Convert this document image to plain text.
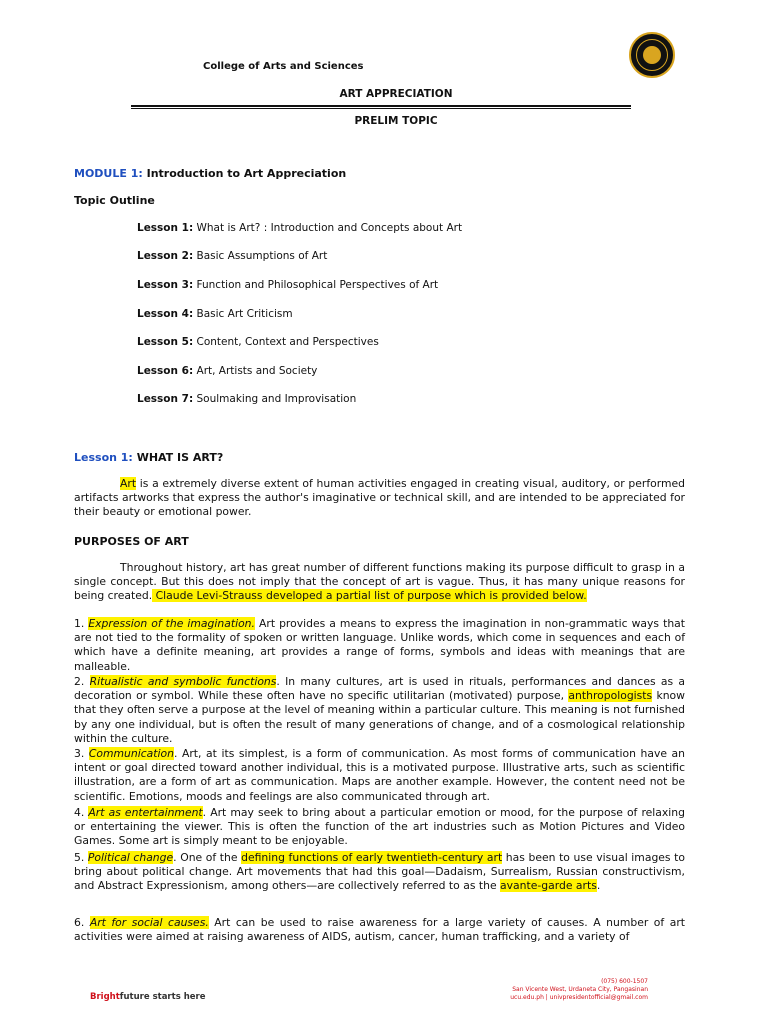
College of Arts and Sciences
ART APPRECIATION
PRELIM TOPIC
MODULE 1: Introduction to Art Appreciation
Topic Outline
Lesson 1: What is Art? : Introduction and Concepts about Art
Lesson 2: Basic Assumptions of Art
Lesson 3: Function and Philosophical Perspectives of Art
Lesson 4: Basic Art Criticism
Lesson 5: Content, Context and Perspectives
Lesson 6: Art, Artists and Society
Lesson 7: Soulmaking and Improvisation
Lesson 1: WHAT IS ART?

Art is a extremely diverse extent of human activities engaged in creating visual, auditory, or performed artifacts artworks that express the author's imaginative or technical skill, and are intended to be appreciated for their beauty or emotional power.

PURPOSES OF ART

Throughout history, art has great number of different functions making its purpose difficult to grasp in a single concept. But this does not imply that the concept of art is vague. Thus, it has many unique reasons for being created. Claude Levi-Strauss developed a partial list of purpose which is provided below.

1. Expression of the imagination. Art provides a means to express the imagination in non-grammatic ways that are not tied to the formality of spoken or written language. Unlike words, which come in sequences and each of which have a definite meaning, art provides a range of forms, symbols and ideas with meanings that are malleable.

2. Ritualistic and symbolic functions. In many cultures, art is used in rituals, performances and dances as a decoration or symbol. While these often have no specific utilitarian (motivated) purpose, anthropologists know that they often serve a purpose at the level of meaning within a particular culture. This meaning is not furnished by any one individual, but is often the result of many generations of change, and of a cosmological relationship within the culture.

3. Communication. Art, at its simplest, is a form of communication. As most forms of communication have an intent or goal directed toward another individual, this is a motivated purpose. Illustrative arts, such as scientific illustration, are a form of art as communication. Maps are another example. However, the content need not be scientific. Emotions, moods and feelings are also communicated through art.

4. Art as entertainment. Art may seek to bring about a particular emotion or mood, for the purpose of relaxing or entertaining the viewer. This is often the function of the art industries such as Motion Pictures and Video Games. Some art is simply meant to be enjoyable.

5. Political change. One of the defining functions of early twentieth-century art has been to use visual images to bring about political change. Art movements that had this goal—Dadaism, Surrealism, Russian constructivism, and Abstract Expressionism, among others—are collectively referred to as the avante-garde arts.

6. Art for social causes. Art can be used to raise awareness for a large variety of causes. A number of art activities were aimed at raising awareness of AIDS, autism, cancer, human trafficking, and a variety of

Brightfuture starts here
(075) 600-1507
San Vicente West, Urdaneta City, Pangasinan
ucu.edu.ph | univpresidentofficial@gmail.com
